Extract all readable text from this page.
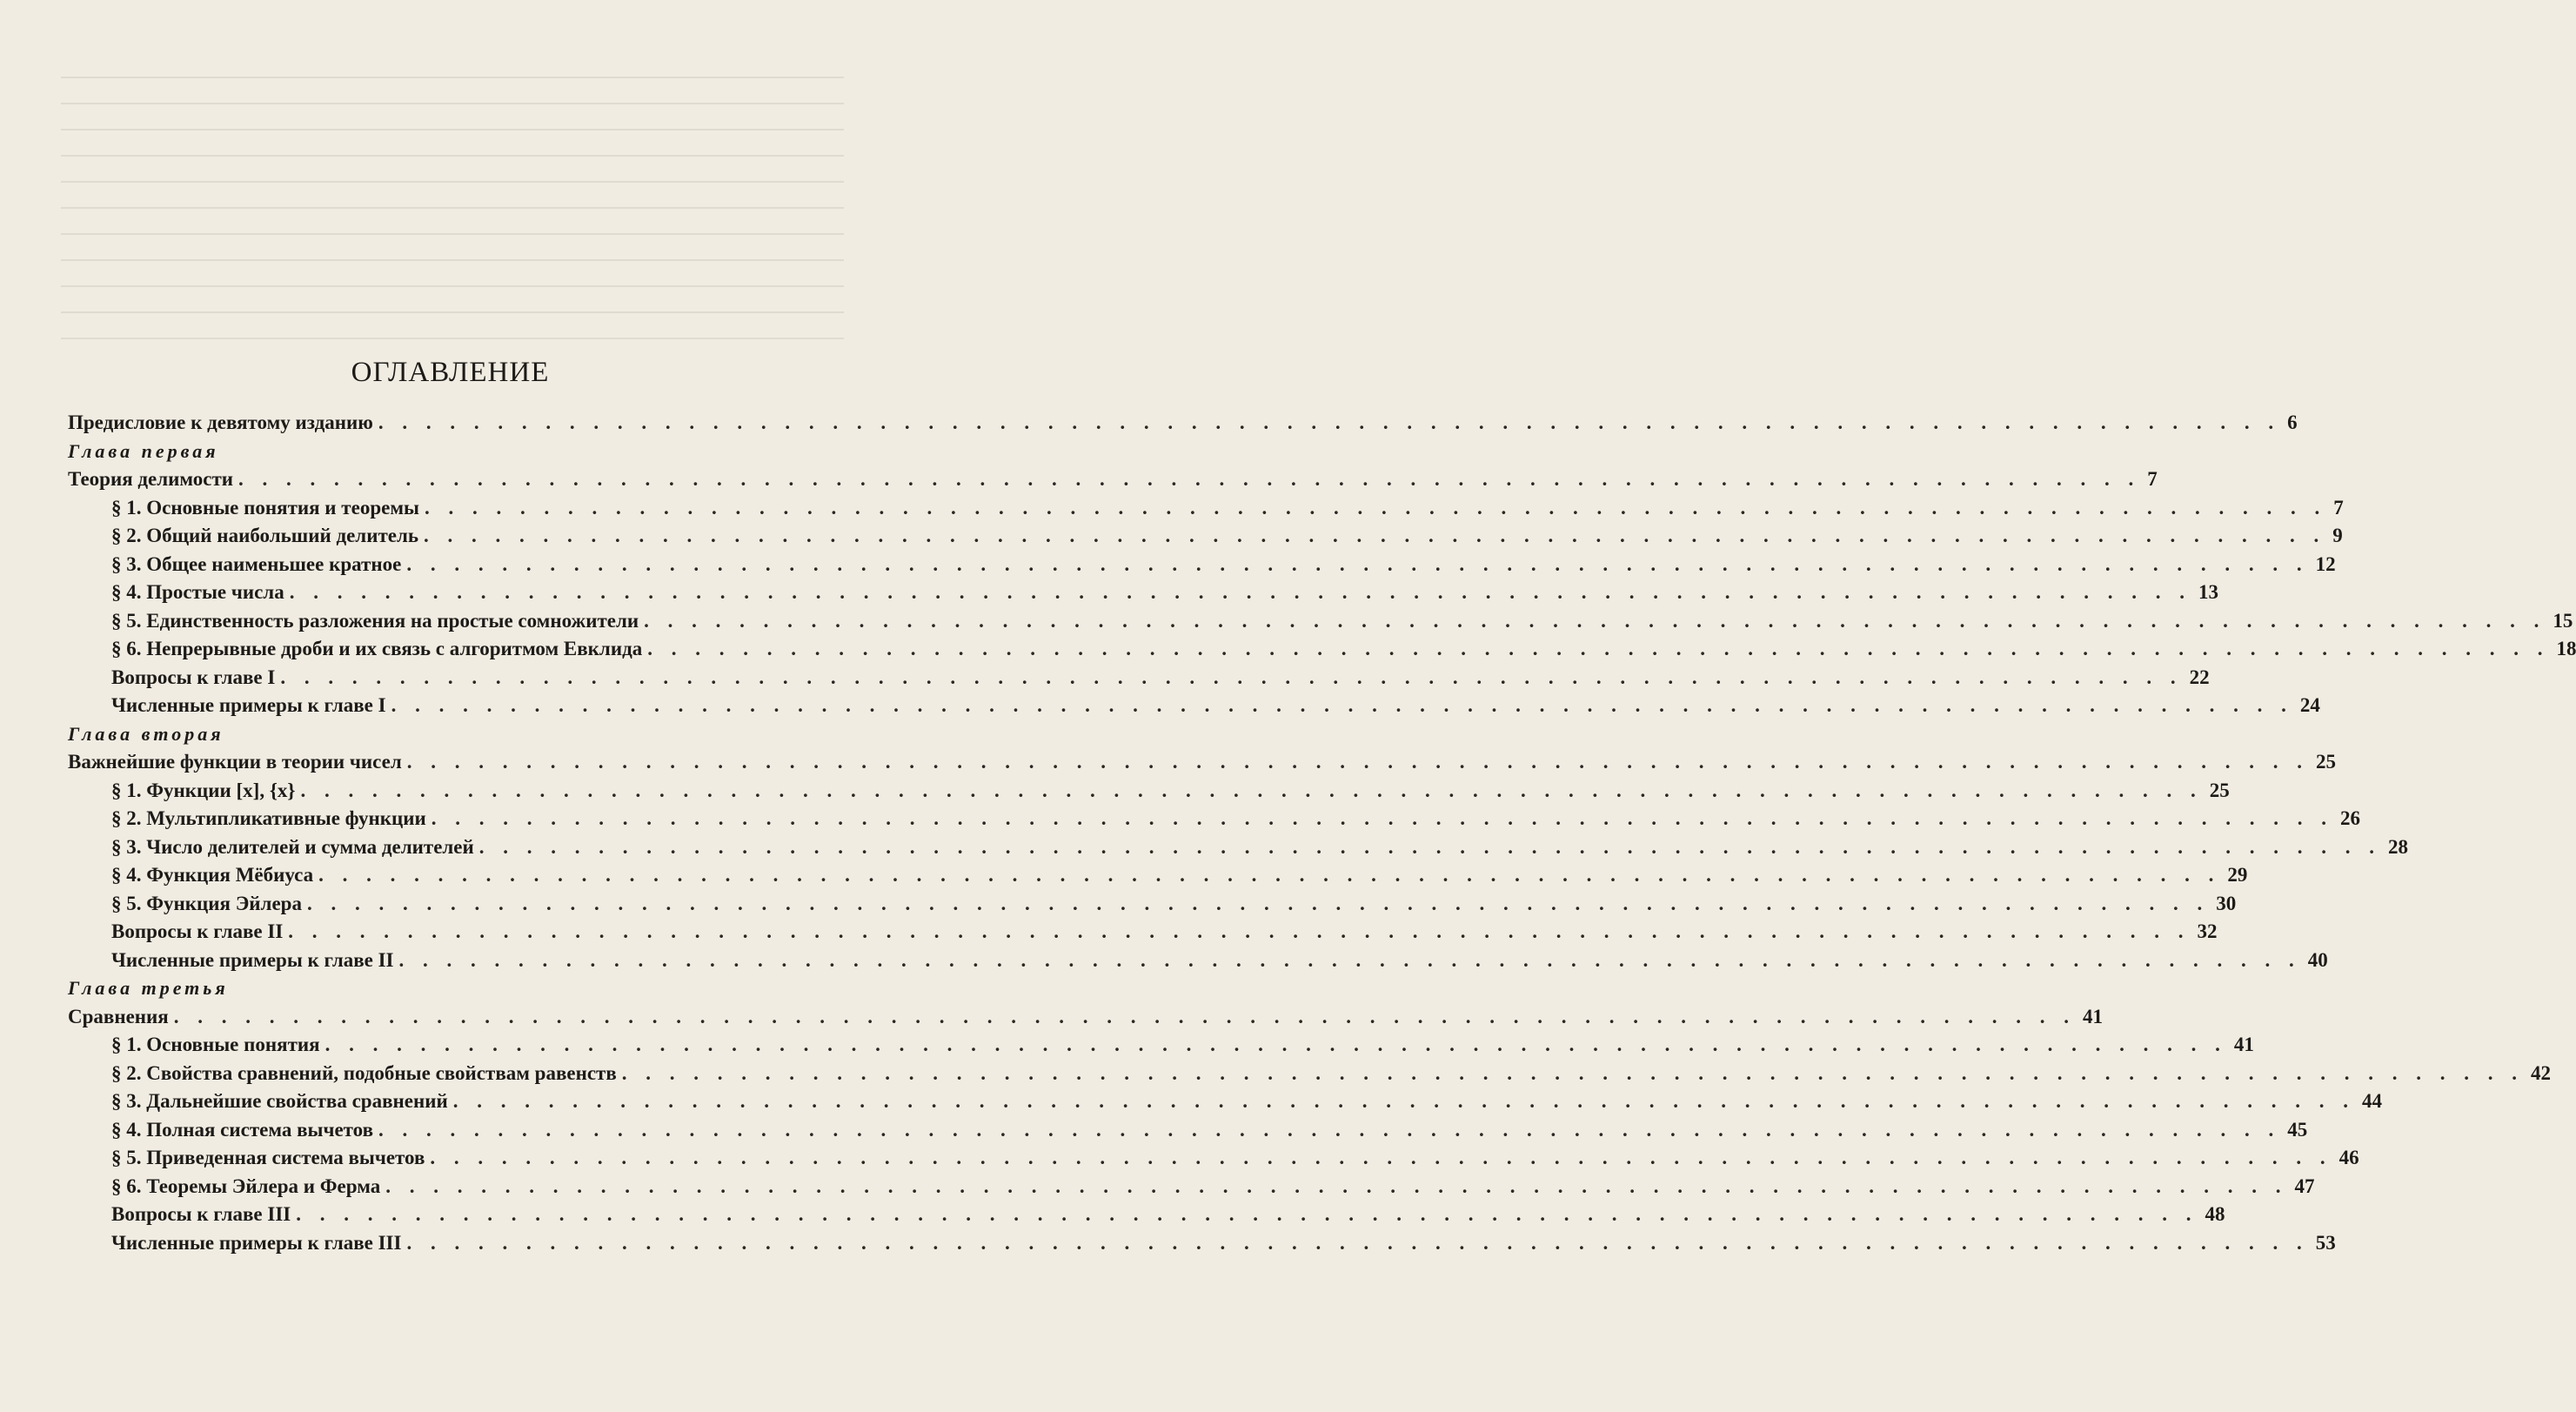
ОГЛАВЛЕНИЕ
Предисловие к девятому изданию . . . . . . . . . . . . . . . . . . . . . . . . . . . . . . . . . . . . . . . . . . . . . . . . . . . . . . . . . . . . . . . . . . . . . . . . . . . . . . . . 6
Глава первая
Теория делимости . . . . . . . . . . . . . . . . . . . . . . . . . . . . . . . . . . . . . . . . . . . . . . . . . . . . . . . . . . . . . . . . . . . . . . . . . . . . . . . . 7
§ 1. Основные понятия и теоремы . . . . . . . . . . . . . . . . . . . . . . . . . . . . . . . . . . . . . . . . . . . . . . . . . . . . . . . . . . . . . . . . . . . . . . . . . . . . . . . . 7
§ 2. Общий наибольший делитель . . . . . . . . . . . . . . . . . . . . . . . . . . . . . . . . . . . . . . . . . . . . . . . . . . . . . . . . . . . . . . . . . . . . . . . . . . . . . . . . 9
§ 3. Общее наименьшее кратное . . . . . . . . . . . . . . . . . . . . . . . . . . . . . . . . . . . . . . . . . . . . . . . . . . . . . . . . . . . . . . . . . . . . . . . . . . . . . . . . 12
§ 4. Простые числа . . . . . . . . . . . . . . . . . . . . . . . . . . . . . . . . . . . . . . . . . . . . . . . . . . . . . . . . . . . . . . . . . . . . . . . . . . . . . . . . 13
§ 5. Единственность разложения на простые сомножители . . . . . . . . . . . . . . . . . . . . . . . . . . . . . . . . . . . . . . . . . . . . . . . . . . . . . . . . . . . . . . . . . . . . . . . . . . . . . . . . 15
§ 6. Непрерывные дроби и их связь с алгоритмом Евклида . . . . . . . . . . . . . . . . . . . . . . . . . . . . . . . . . . . . . . . . . . . . . . . . . . . . . . . . . . . . . . . . . . . . . . . . . . . . . . . . 18
Вопросы к главе I . . . . . . . . . . . . . . . . . . . . . . . . . . . . . . . . . . . . . . . . . . . . . . . . . . . . . . . . . . . . . . . . . . . . . . . . . . . . . . . . 22
Численные примеры к главе I . . . . . . . . . . . . . . . . . . . . . . . . . . . . . . . . . . . . . . . . . . . . . . . . . . . . . . . . . . . . . . . . . . . . . . . . . . . . . . . . 24
Глава вторая
Важнейшие функции в теории чисел . . . . . . . . . . . . . . . . . . . . . . . . . . . . . . . . . . . . . . . . . . . . . . . . . . . . . . . . . . . . . . . . . . . . . . . . . . . . . . . . 25
§ 1. Функции [x], {x} . . . . . . . . . . . . . . . . . . . . . . . . . . . . . . . . . . . . . . . . . . . . . . . . . . . . . . . . . . . . . . . . . . . . . . . . . . . . . . . . 25
§ 2. Мультипликативные функции . . . . . . . . . . . . . . . . . . . . . . . . . . . . . . . . . . . . . . . . . . . . . . . . . . . . . . . . . . . . . . . . . . . . . . . . . . . . . . . . 26
§ 3. Число делителей и сумма делителей . . . . . . . . . . . . . . . . . . . . . . . . . . . . . . . . . . . . . . . . . . . . . . . . . . . . . . . . . . . . . . . . . . . . . . . . . . . . . . . . 28
§ 4. Функция Мёбиуса . . . . . . . . . . . . . . . . . . . . . . . . . . . . . . . . . . . . . . . . . . . . . . . . . . . . . . . . . . . . . . . . . . . . . . . . . . . . . . . . 29
§ 5. Функция Эйлера . . . . . . . . . . . . . . . . . . . . . . . . . . . . . . . . . . . . . . . . . . . . . . . . . . . . . . . . . . . . . . . . . . . . . . . . . . . . . . . . 30
Вопросы к главе II . . . . . . . . . . . . . . . . . . . . . . . . . . . . . . . . . . . . . . . . . . . . . . . . . . . . . . . . . . . . . . . . . . . . . . . . . . . . . . . . 32
Численные примеры к главе II . . . . . . . . . . . . . . . . . . . . . . . . . . . . . . . . . . . . . . . . . . . . . . . . . . . . . . . . . . . . . . . . . . . . . . . . . . . . . . . . 40
Глава третья
Сравнения . . . . . . . . . . . . . . . . . . . . . . . . . . . . . . . . . . . . . . . . . . . . . . . . . . . . . . . . . . . . . . . . . . . . . . . . . . . . . . . . 41
§ 1. Основные понятия . . . . . . . . . . . . . . . . . . . . . . . . . . . . . . . . . . . . . . . . . . . . . . . . . . . . . . . . . . . . . . . . . . . . . . . . . . . . . . . . 41
§ 2. Свойства сравнений, подобные свойствам равенств . . . . . . . . . . . . . . . . . . . . . . . . . . . . . . . . . . . . . . . . . . . . . . . . . . . . . . . . . . . . . . . . . . . . . . . . . . . . . . . . 42
§ 3. Дальнейшие свойства сравнений . . . . . . . . . . . . . . . . . . . . . . . . . . . . . . . . . . . . . . . . . . . . . . . . . . . . . . . . . . . . . . . . . . . . . . . . . . . . . . . . 44
§ 4. Полная система вычетов . . . . . . . . . . . . . . . . . . . . . . . . . . . . . . . . . . . . . . . . . . . . . . . . . . . . . . . . . . . . . . . . . . . . . . . . . . . . . . . . 45
§ 5. Приведенная система вычетов . . . . . . . . . . . . . . . . . . . . . . . . . . . . . . . . . . . . . . . . . . . . . . . . . . . . . . . . . . . . . . . . . . . . . . . . . . . . . . . . 46
§ 6. Теоремы Эйлера и Ферма . . . . . . . . . . . . . . . . . . . . . . . . . . . . . . . . . . . . . . . . . . . . . . . . . . . . . . . . . . . . . . . . . . . . . . . . . . . . . . . . 47
Вопросы к главе III . . . . . . . . . . . . . . . . . . . . . . . . . . . . . . . . . . . . . . . . . . . . . . . . . . . . . . . . . . . . . . . . . . . . . . . . . . . . . . . . 48
Численные примеры к главе III . . . . . . . . . . . . . . . . . . . . . . . . . . . . . . . . . . . . . . . . . . . . . . . . . . . . . . . . . . . . . . . . . . . . . . . . . . . . . . . . 53
